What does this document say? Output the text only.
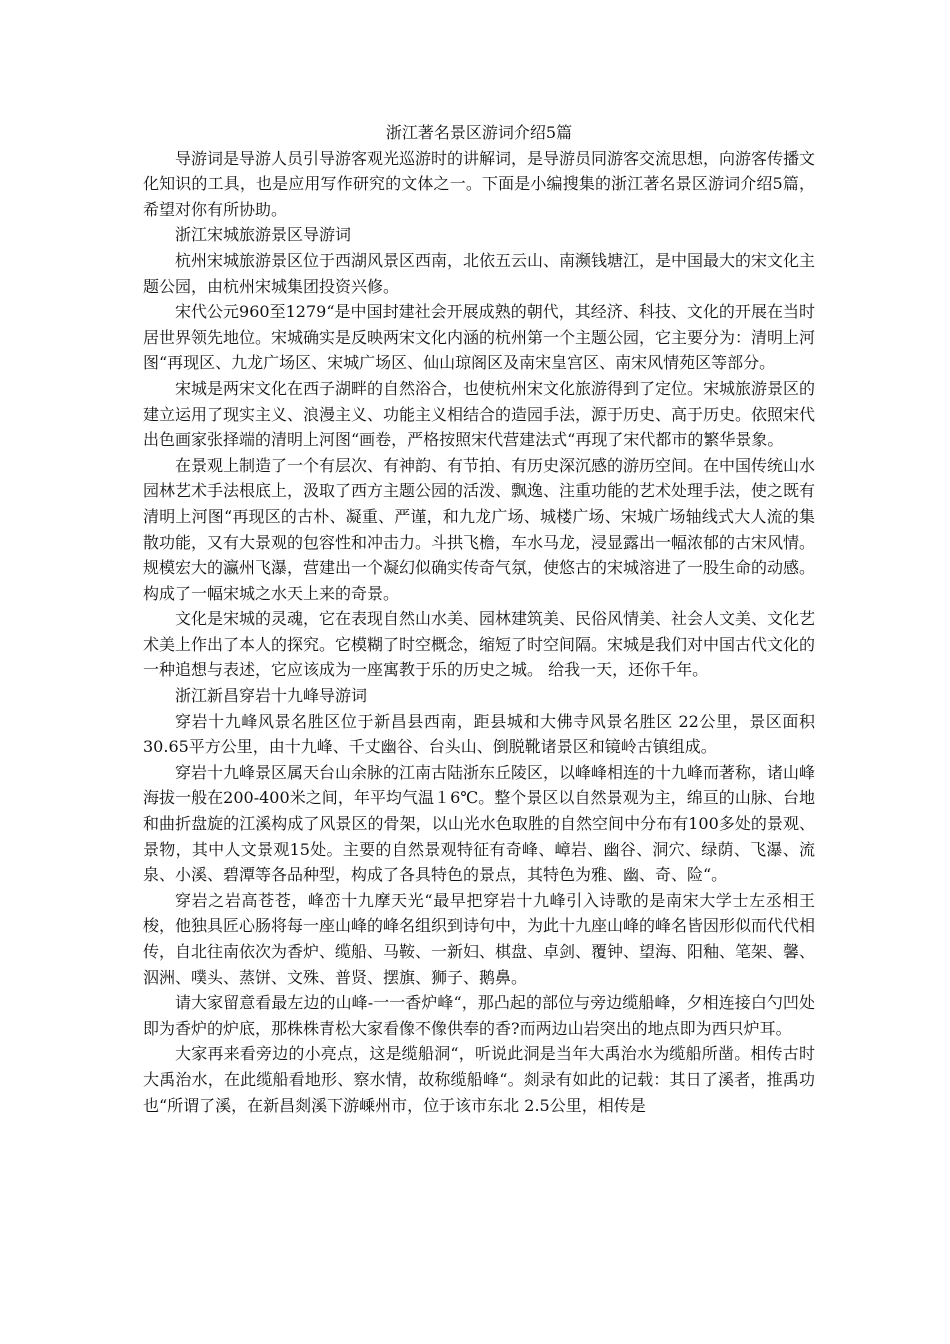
浙江著名景区游词介绍5篇

导游词是导游人员引导游客观光巡游时的讲解词，是导游员同游客交流思想，向游客传播文化知识的工具，也是应用写作研究的文体之一。下面是小编搜集的浙江著名景区游词介绍5篇，希望对你有所协助。

浙江宋城旅游景区导游词

杭州宋城旅游景区位于西湖风景区西南，北依五云山、南濒钱塘江，是中国最大的宋文化主题公园，由杭州宋城集团投资兴修。

宋代公元960至1279“是中国封建社会开展成熟的朝代，其经济、科技、文化的开展在当时居世界领先地位。宋城确实是反映两宋文化内涵的杭州第一个主题公园，它主要分为：清明上河图“再现区、九龙广场区、宋城广场区、仙山琼阁区及南宋皇宫区、南宋风情苑区等部分。

宋城是两宋文化在西子湖畔的自然浴合，也使杭州宋文化旅游得到了定位。宋城旅游景区的建立运用了现实主义、浪漫主义、功能主义相结合的造园手法，源于历史、高于历史。依照宋代出色画家张择端的清明上河图“画卷，严格按照宋代营建法式“再现了宋代都市的繁华景象。

在景观上制造了一个有层次、有神韵、有节拍、有历史深沉感的游历空间。在中国传统山水园林艺术手法根底上，汲取了西方主题公园的活泼、飘逸、注重功能的艺术处理手法，使之既有清明上河图“再现区的古朴、凝重、严谨，和九龙广场、城楼广场、宋城广场轴线式大人流的集散功能，又有大景观的包容性和冲击力。斗拱飞檐，车水马龙，浸显露出一幅浓郁的古宋风情。规模宏大的瀛州飞瀑，营建出一个凝幻似确实传奇气氛，使悠古的宋城溶进了一股生命的动感。构成了一幅宋城之水天上来的奇景。

文化是宋城的灵魂，它在表现自然山水美、园林建筑美、民俗风情美、社会人文美、文化艺术美上作出了本人的探究。它模糊了时空概念，缩短了时空间隔。宋城是我们对中国古代文化的一种追想与表述，它应该成为一座寓教于乐的历史之城。 给我一天，还你千年。

浙江新昌穿岩十九峰导游词

穿岩十九峰风景名胜区位于新昌县西南，距县城和大佛寺风景名胜区 22公里，景区面积30.65平方公里，由十九峰、千丈幽谷、台头山、倒脱靴诸景区和镜岭古镇组成。

穿岩十九峰景区属天台山余脉的江南古陆浙东丘陵区，以峰峰相连的十九峰而著称，诸山峰海拔一般在200-400米之间，年平均气温１6℃。整个景区以自然景观为主，绵亘的山脉、台地和曲折盘旋的江溪构成了风景区的骨架，以山光水色取胜的自然空间中分布有100多处的景观、景物，其中人文景观15处。主要的自然景观特征有奇峰、嶂岩、幽谷、洞穴、绿荫、飞瀑、流泉、小溪、碧潭等各品种型，构成了各具特色的景点，其特色为雅、幽、奇、险“。

穿岩之岩高苍苍，峰峦十九摩天光“最早把穿岩十九峰引入诗歌的是南宋大学士左丞相王梭，他独具匠心肠将每一座山峰的峰名组织到诗句中，为此十九座山峰的峰名皆因形似而代代相传，自北往南依次为香炉、缆船、马鞍、一新妇、棋盘、卓剑、覆钟、望海、阳釉、笔架、馨、泅洲、噗头、蒸饼、文殊、普贤、摆旗、狮子、鹅鼻。

请大家留意看最左边的山峰-一一香炉峰“，那凸起的部位与旁边缆船峰，夕相连接白勺凹处即为香炉的炉底，那株株青松大家看像不像供奉的香?而两边山岩突出的地点即为西只炉耳。

大家再来看旁边的小亮点，这是缆船洞“，听说此洞是当年大禹治水为缆船所凿。相传古时大禹治水，在此缆船看地形、察水情，故称缆船峰“。剡录有如此的记载：其日了溪者，推禹功也“所谓了溪，在新昌剡溪下游嵊州市，位于该市东北 2.5公里，相传是
